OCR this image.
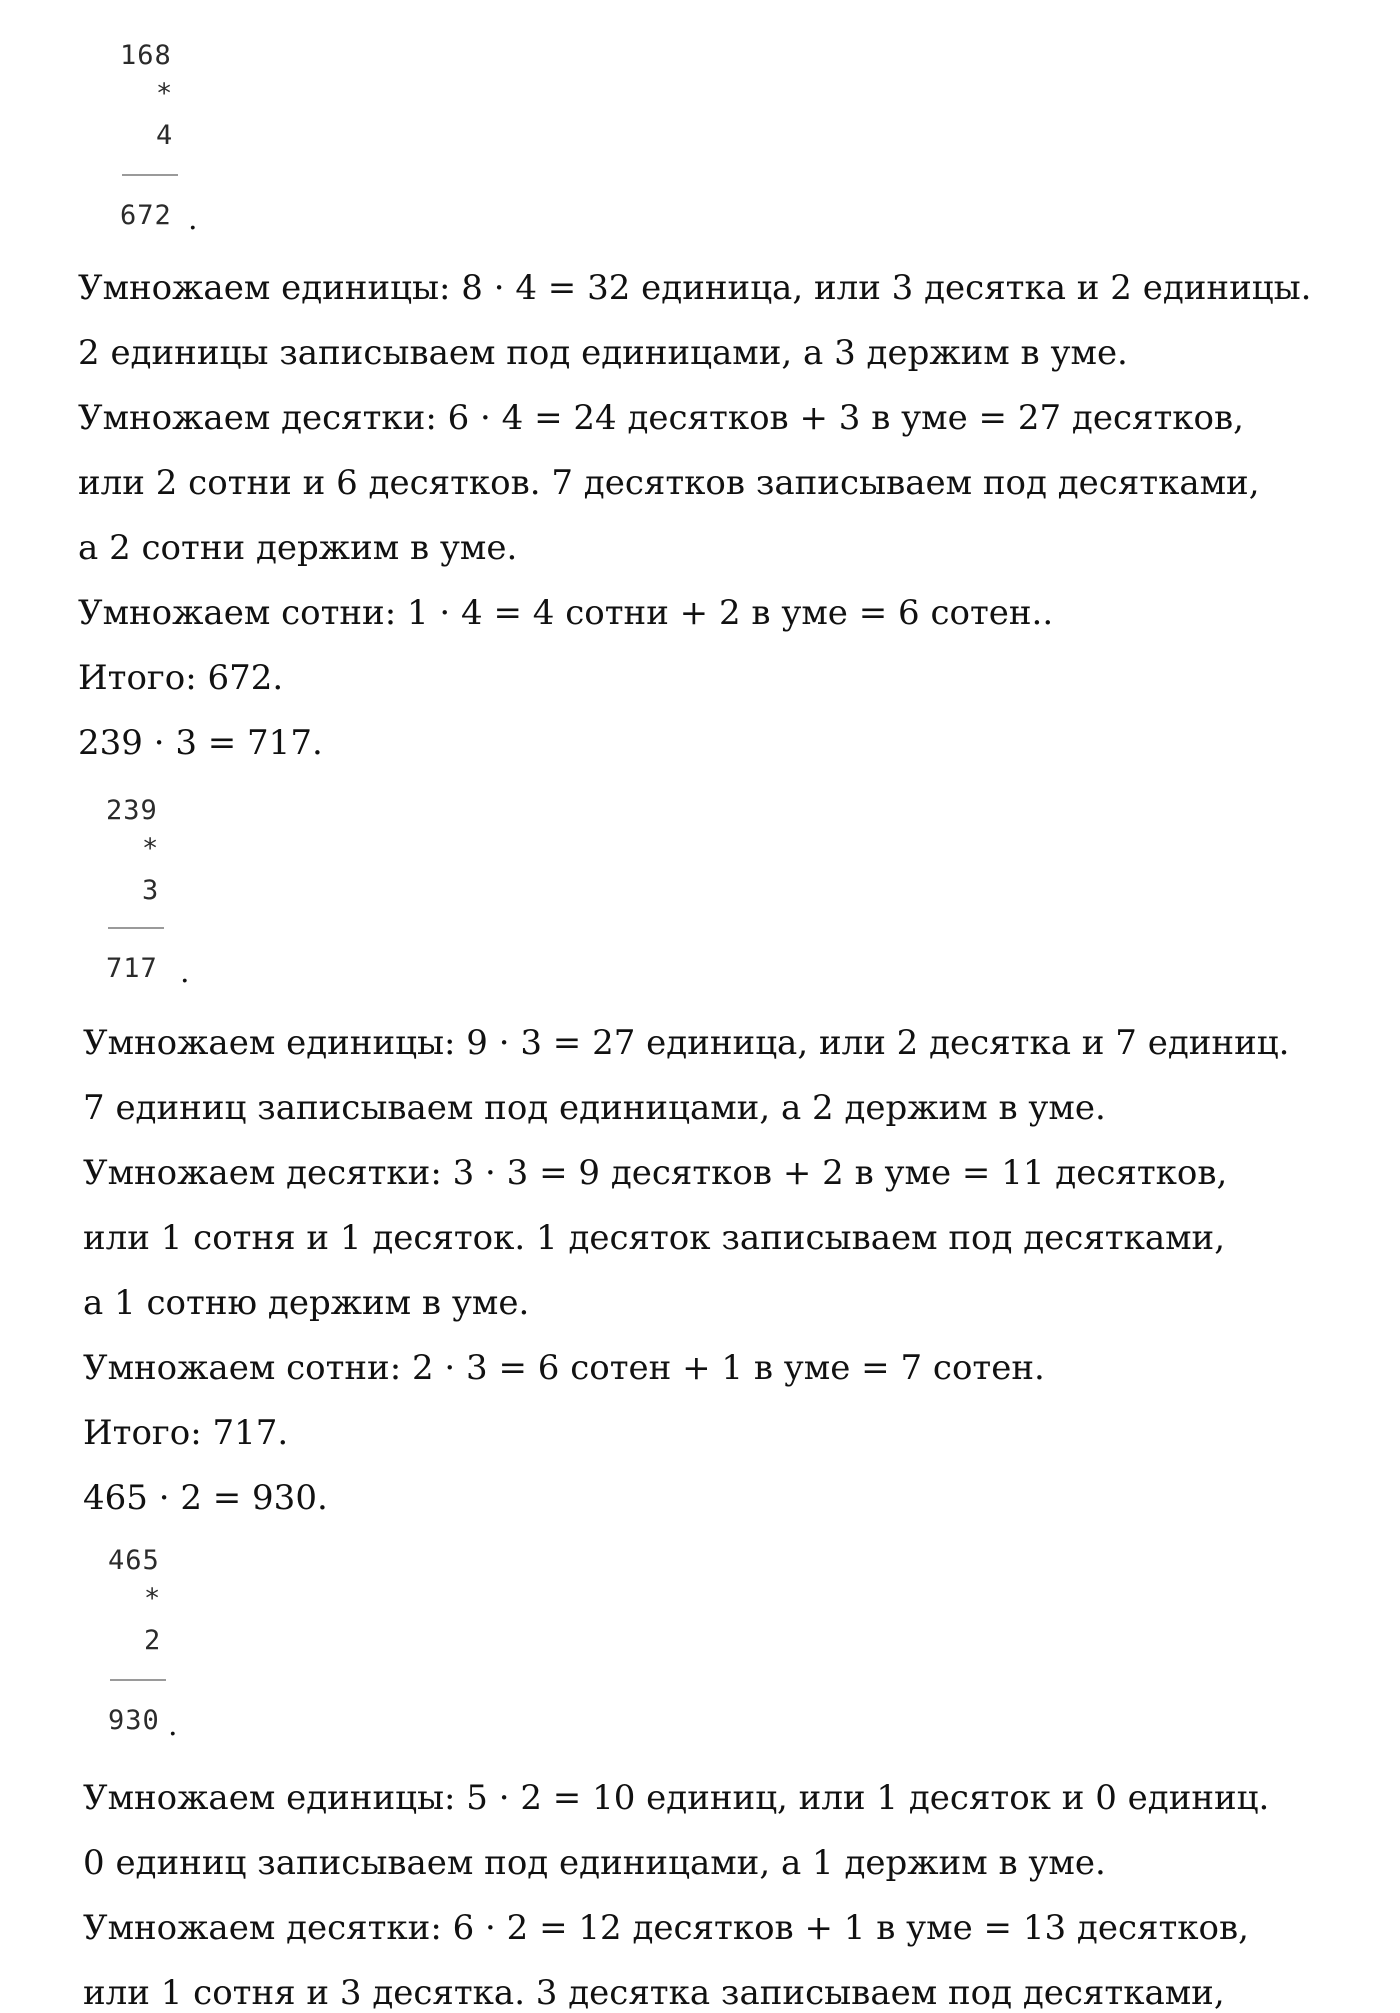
168
*
4
672 .
Умножаем единицы: 8 · 4 = 32 единица, или 3 десятка и 2 единицы.
2 единицы записываем под единицами, а 3 держим в уме.
Умножаем десятки: 6 · 4 = 24 десятков + 3 в уме = 27 десятков,
или 2 сотни и 6 десятков. 7 десятков записываем под десятками,
а 2 сотни держим в уме.
Умножаем сотни: 1 · 4 = 4 сотни + 2 в уме = 6 сотен..
Итого: 672.
239 · 3 = 717.
239
*
3
717 .
Умножаем единицы: 9 · 3 = 27 единица, или 2 десятка и 7 единиц.
7 единиц записываем под единицами, а 2 держим в уме.
Умножаем десятки: 3 · 3 = 9 десятков + 2 в уме = 11 десятков,
или 1 сотня и 1 десяток. 1 десяток записываем под десятками,
а 1 сотню держим в уме.
Умножаем сотни: 2 · 3 = 6 сотен + 1 в уме = 7 сотен.
Итого: 717.
465 · 2 = 930.
465
*
2
930 .
Умножаем единицы: 5 · 2 = 10 единиц, или 1 десяток и 0 единиц.
0 единиц записываем под единицами, а 1 держим в уме.
Умножаем десятки: 6 · 2 = 12 десятков + 1 в уме = 13 десятков,
или 1 сотня и 3 десятка. 3 десятка записываем под десятками,
